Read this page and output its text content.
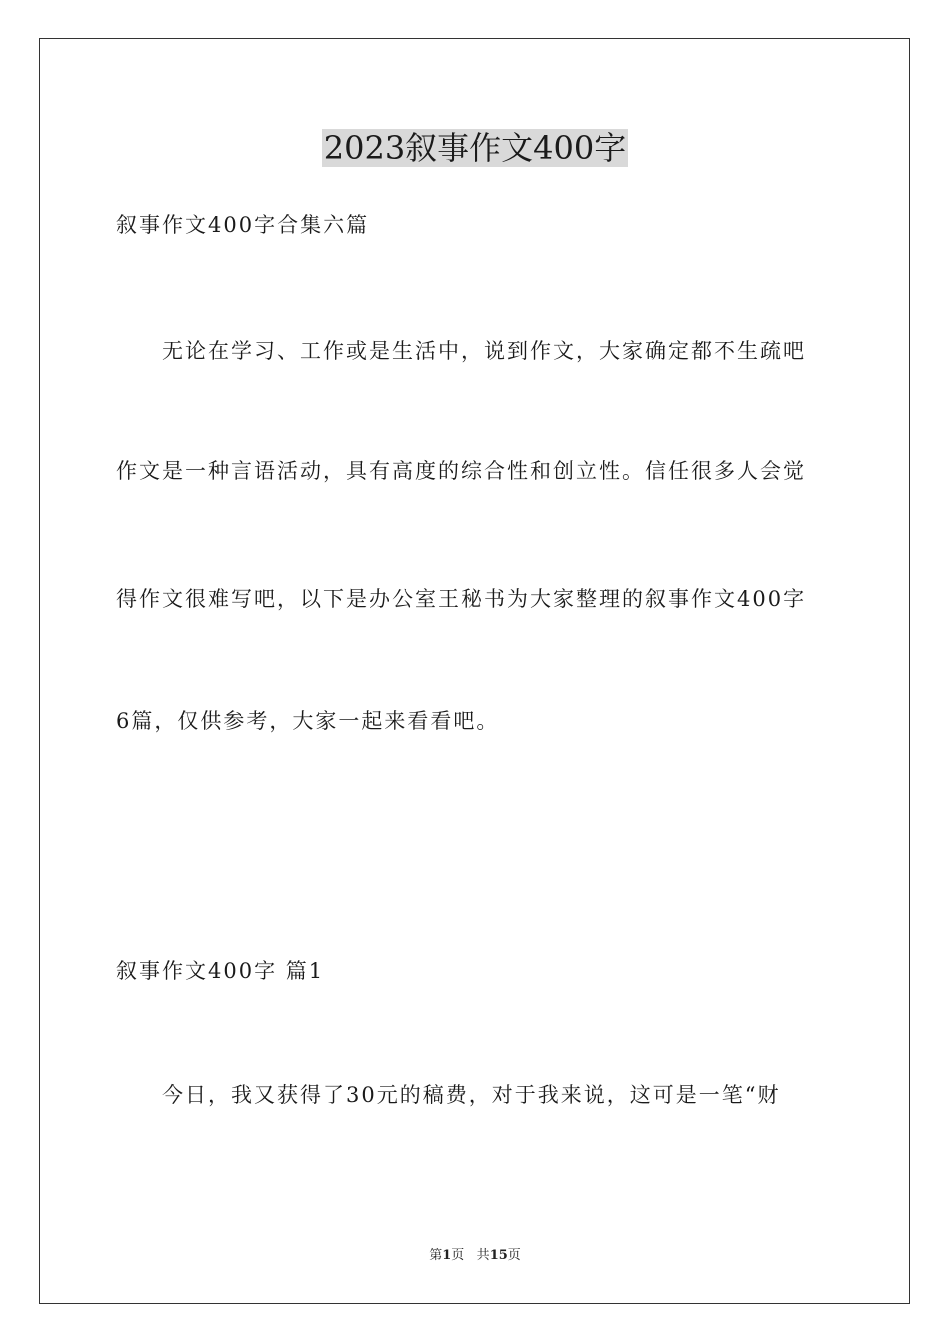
2023叙事作文400字
叙事作文400字合集六篇
　　无论在学习、工作或是生活中，说到作文，大家确定都不生疏吧
作文是一种言语活动，具有高度的综合性和创立性。信任很多人会觉
得作文很难写吧，以下是办公室王秘书为大家整理的叙事作文400字
6篇，仅供参考，大家一起来看看吧。
叙事作文400字 篇1
　　今日，我又获得了30元的稿费，对于我来说，这可是一笔“财
第1页 共15页
